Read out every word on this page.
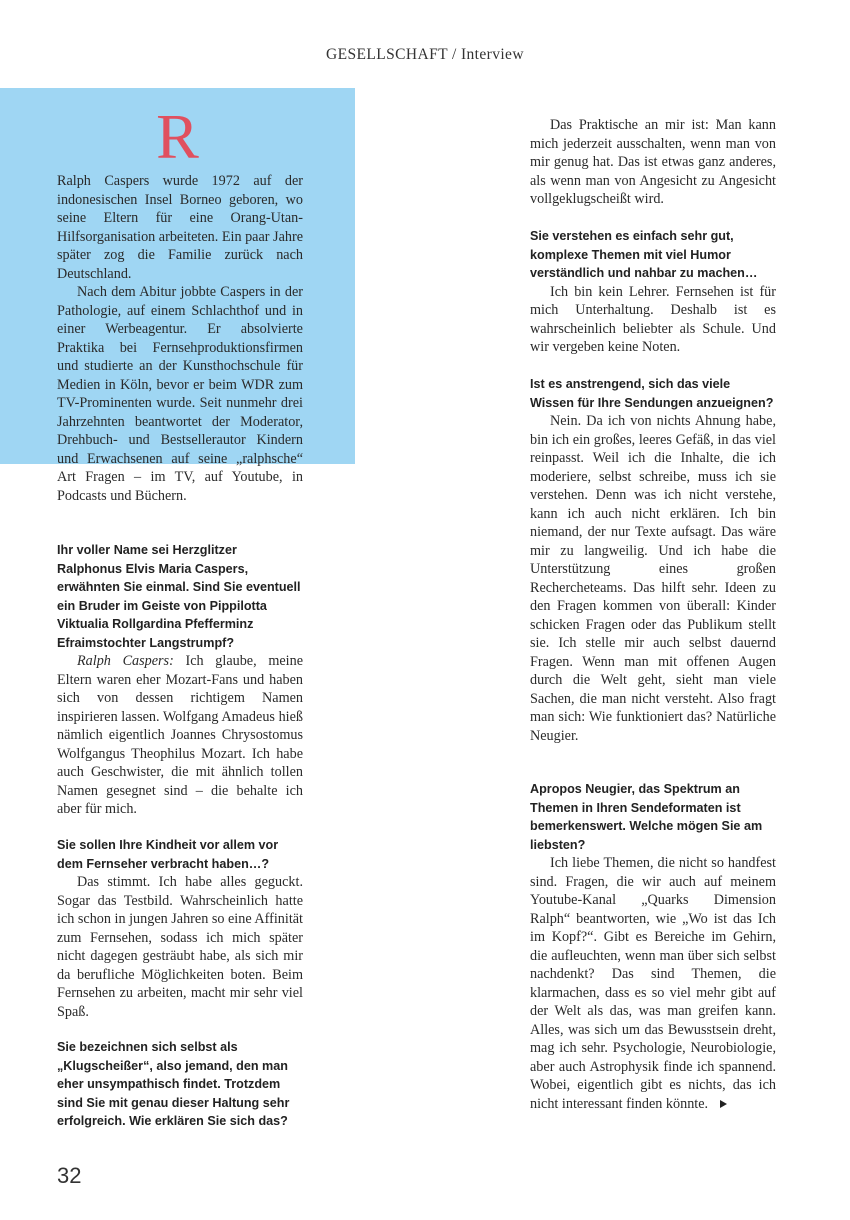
GESELLSCHAFT / Interview
R

Ralph Caspers wurde 1972 auf der indonesischen Insel Borneo geboren, wo seine Eltern für eine Orang-Utan-Hilfsorganisation arbeiteten. Ein paar Jahre später zog die Familie zurück nach Deutschland.

Nach dem Abitur jobbte Caspers in der Pathologie, auf einem Schlachthof und in einer Werbeagentur. Er absolvierte Praktika bei Fernsehproduktionsfirmen und studierte an der Kunsthochschule für Medien in Köln, bevor er beim WDR zum TV-Prominenten wurde. Seit nunmehr drei Jahrzehnten beantwortet der Moderator, Drehbuch- und Bestsellerautor Kindern und Erwachsenen auf seine „ralphsche“ Art Fragen – im TV, auf Youtube, in Podcasts und Büchern.

Ihr voller Name sei Herzglitzer Ralphonus Elvis Maria Caspers, erwähnten Sie einmal. Sind Sie eventuell ein Bruder im Geiste von Pippilotta Viktualia Rollgardina Pfefferminz Efraimstochter Langstrumpf?

Ralph Caspers: Ich glaube, meine Eltern waren eher Mozart-Fans und haben sich von dessen richtigem Namen inspirieren lassen. Wolfgang Amadeus hieß nämlich eigentlich Joannes Chrysostomus Wolfgangus Theophilus Mozart. Ich habe auch Geschwister, die mit ähnlich tollen Namen gesegnet sind – die behalte ich aber für mich.

Sie sollen Ihre Kindheit vor allem vor dem Fernseher verbracht haben…?

Das stimmt. Ich habe alles geguckt. Sogar das Testbild. Wahrscheinlich hatte ich schon in jungen Jahren so eine Affinität zum Fernsehen, sodass ich mich später nicht dagegen gesträubt habe, als sich mir da berufliche Möglichkeiten boten. Beim Fernsehen zu arbeiten, macht mir sehr viel Spaß.

Sie bezeichnen sich selbst als „Klugscheißer“, also jemand, den man eher unsympathisch findet. Trotzdem sind Sie mit genau dieser Haltung sehr erfolgreich. Wie erklären Sie sich das?

Das Praktische an mir ist: Man kann mich jederzeit ausschalten, wenn man von mir genug hat. Das ist etwas ganz anderes, als wenn man von Angesicht zu Angesicht vollgeklugscheißt wird.

Sie verstehen es einfach sehr gut, komplexe Themen mit viel Humor verständlich und nahbar zu machen…

Ich bin kein Lehrer. Fernsehen ist für mich Unterhaltung. Deshalb ist es wahrscheinlich beliebter als Schule. Und wir vergeben keine Noten.

Ist es anstrengend, sich das viele Wissen für Ihre Sendungen anzueignen?

Nein. Da ich von nichts Ahnung habe, bin ich ein großes, leeres Gefäß, in das viel reinpasst. Weil ich die Inhalte, die ich moderiere, selbst schreibe, muss ich sie verstehen. Denn was ich nicht verstehe, kann ich auch nicht erklären. Ich bin niemand, der nur Texte aufsagt. Das wäre mir zu langweilig. Und ich habe die Unterstützung eines großen Rechercheteams. Das hilft sehr. Ideen zu den Fragen kommen von überall: Kinder schicken Fragen oder das Publikum stellt sie. Ich stelle mir auch selbst dauernd Fragen. Wenn man mit offenen Augen durch die Welt geht, sieht man viele Sachen, die man nicht versteht. Also fragt man sich: Wie funktioniert das? Natürliche Neugier.

Apropos Neugier, das Spektrum an Themen in Ihren Sendeformaten ist bemerkenswert. Welche mögen Sie am liebsten?

Ich liebe Themen, die nicht so handfest sind. Fragen, die wir auch auf meinem Youtube-Kanal „Quarks Dimension Ralph“ beantworten, wie „Wo ist das Ich im Kopf?“. Gibt es Bereiche im Gehirn, die aufleuchten, wenn man über sich selbst nachdenkt? Das sind Themen, die klarmachen, dass es so viel mehr gibt auf der Welt als das, was man greifen kann. Alles, was sich um das Bewusstsein dreht, mag ich sehr. Psychologie, Neurobiologie, aber auch Astrophysik finde ich spannend. Wobei, eigentlich gibt es nichts, das ich nicht interessant finden könnte.

32
